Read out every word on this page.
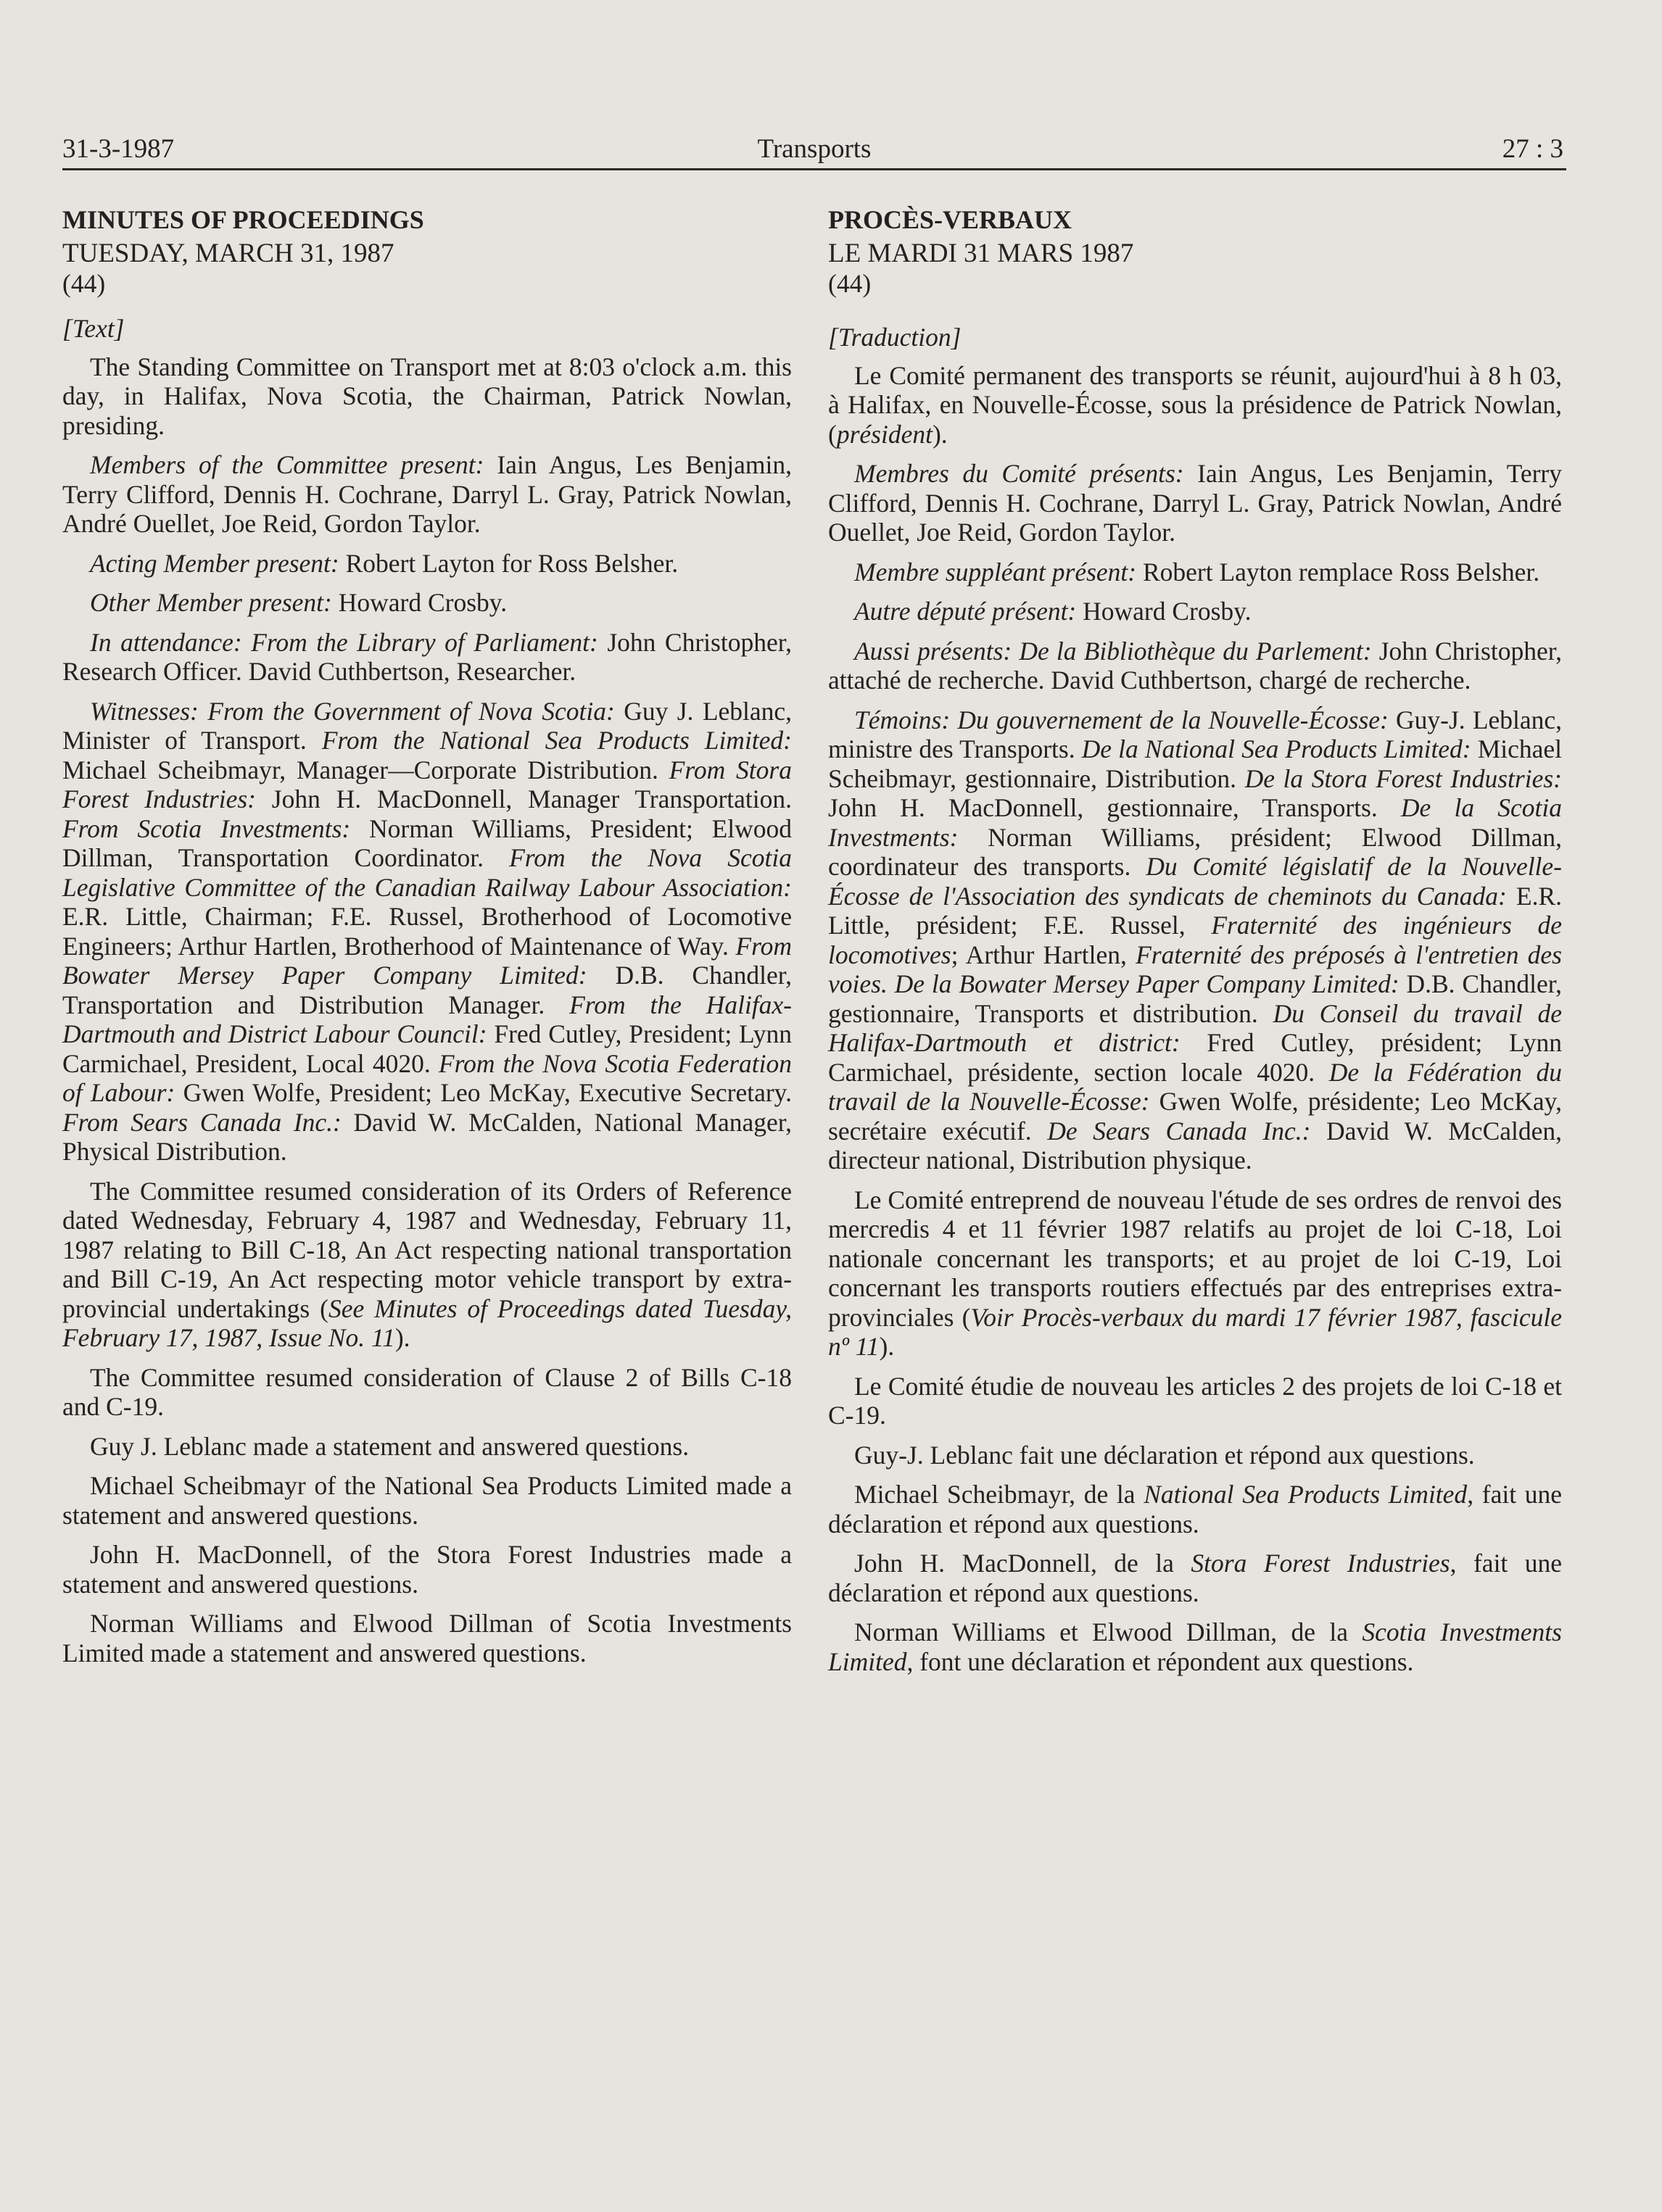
31-3-1987	Transports	27 : 3

MINUTES OF PROCEEDINGS

TUESDAY, MARCH 31, 1987

(44)

[Text]

The Standing Committee on Transport met at 8:03 o'clock a.m. this day, in Halifax, Nova Scotia, the Chairman, Patrick Nowlan, presiding.

Members of the Committee present: Iain Angus, Les Benjamin, Terry Clifford, Dennis H. Cochrane, Darryl L. Gray, Patrick Nowlan, André Ouellet, Joe Reid, Gordon Taylor.

Acting Member present: Robert Layton for Ross Belsher.

Other Member present: Howard Crosby.

In attendance: From the Library of Parliament: John Christopher, Research Officer. David Cuthbertson, Researcher.

Witnesses: From the Government of Nova Scotia: Guy J. Leblanc, Minister of Transport. From the National Sea Products Limited: Michael Scheibmayr, Manager—Corporate Distribution. From Stora Forest Industries: John H. MacDonnell, Manager Transportation. From Scotia Investments: Norman Williams, President; Elwood Dillman, Transportation Coordinator. From the Nova Scotia Legislative Committee of the Canadian Railway Labour Association: E.R. Little, Chairman; F.E. Russel, Brotherhood of Locomotive Engineers; Arthur Hartlen, Brotherhood of Maintenance of Way. From Bowater Mersey Paper Company Limited: D.B. Chandler, Transportation and Distribution Manager. From the Halifax-Dartmouth and District Labour Council: Fred Cutley, President; Lynn Carmichael, President, Local 4020. From the Nova Scotia Federation of Labour: Gwen Wolfe, President; Leo McKay, Executive Secretary. From Sears Canada Inc.: David W. McCalden, National Manager, Physical Distribution.

The Committee resumed consideration of its Orders of Reference dated Wednesday, February 4, 1987 and Wednesday, February 11, 1987 relating to Bill C-18, An Act respecting national transportation and Bill C-19, An Act respecting motor vehicle transport by extra-provincial undertakings (See Minutes of Proceedings dated Tuesday, February 17, 1987, Issue No. 11).

The Committee resumed consideration of Clause 2 of Bills C-18 and C-19.

Guy J. Leblanc made a statement and answered questions.

Michael Scheibmayr of the National Sea Products Limited made a statement and answered questions.

John H. MacDonnell, of the Stora Forest Industries made a statement and answered questions.

Norman Williams and Elwood Dillman of Scotia Investments Limited made a statement and answered questions.

PROCÈS-VERBAUX

LE MARDI 31 MARS 1987

(44)

[Traduction]

Le Comité permanent des transports se réunit, aujourd'hui à 8 h 03, à Halifax, en Nouvelle-Écosse, sous la présidence de Patrick Nowlan, (président).

Membres du Comité présents: Iain Angus, Les Benjamin, Terry Clifford, Dennis H. Cochrane, Darryl L. Gray, Patrick Nowlan, André Ouellet, Joe Reid, Gordon Taylor.

Membre suppléant présent: Robert Layton remplace Ross Belsher.

Autre député présent: Howard Crosby.

Aussi présents: De la Bibliothèque du Parlement: John Christopher, attaché de recherche. David Cuthbertson, chargé de recherche.

Témoins: Du gouvernement de la Nouvelle-Écosse: Guy-J. Leblanc, ministre des Transports. De la National Sea Products Limited: Michael Scheibmayr, gestionnaire, Distribution. De la Stora Forest Industries: John H. MacDonnell, gestionnaire, Transports. De la Scotia Investments: Norman Williams, président; Elwood Dillman, coordinateur des transports. Du Comité législatif de la Nouvelle-Écosse de l'Association des syndicats de cheminots du Canada: E.R. Little, président; F.E. Russel, Fraternité des ingénieurs de locomotives; Arthur Hartlen, Fraternité des préposés à l'entretien des voies. De la Bowater Mersey Paper Company Limited: D.B. Chandler, gestionnaire, Transports et distribution. Du Conseil du travail de Halifax-Dartmouth et district: Fred Cutley, président; Lynn Carmichael, présidente, section locale 4020. De la Fédération du travail de la Nouvelle-Écosse: Gwen Wolfe, présidente; Leo McKay, secrétaire exécutif. De Sears Canada Inc.: David W. McCalden, directeur national, Distribution physique.

Le Comité entreprend de nouveau l'étude de ses ordres de renvoi des mercredis 4 et 11 février 1987 relatifs au projet de loi C-18, Loi nationale concernant les transports; et au projet de loi C-19, Loi concernant les transports routiers effectués par des entreprises extra-provinciales (Voir Procès-verbaux du mardi 17 février 1987, fascicule nº 11).

Le Comité étudie de nouveau les articles 2 des projets de loi C-18 et C-19.

Guy-J. Leblanc fait une déclaration et répond aux questions.

Michael Scheibmayr, de la National Sea Products Limited, fait une déclaration et répond aux questions.

John H. MacDonnell, de la Stora Forest Industries, fait une déclaration et répond aux questions.

Norman Williams et Elwood Dillman, de la Scotia Investments Limited, font une déclaration et répondent aux questions.
